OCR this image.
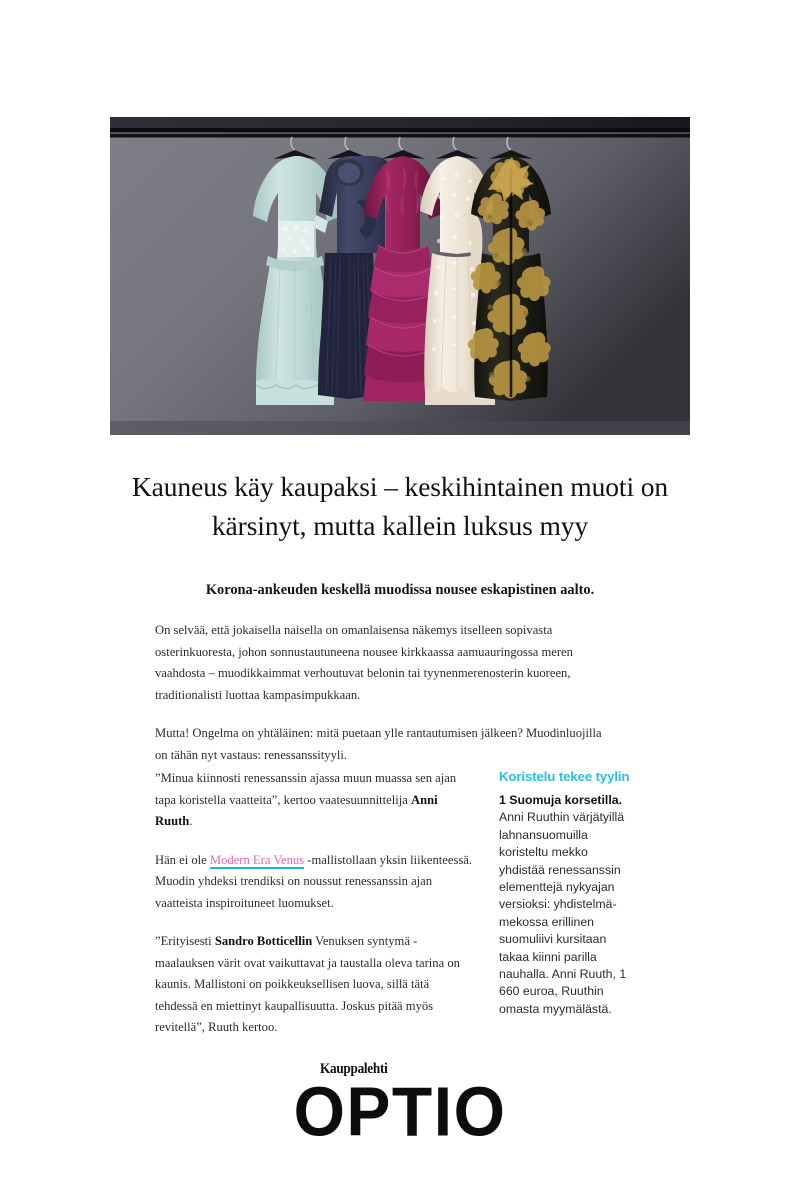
Kauneus käy kaupaksi – keskihintainen muoti on kärsinyt, mutta kallein luksus myy

Korona-ankeuden keskellä muodissa nousee eskapistinen aalto.

On selvää, että jokaisella naisella on omanlaisensa näkemys itselleen sopivasta osterinkuoresta, johon sonnustautuneena nousee kirkkaassa aamuauringossa meren vaahdosta – muodikkaimmat verhoutuvat belonin tai tyynenmerenosterin kuoreen, traditionalisti luottaa kampasimpukkaan.

Mutta! Ongelma on yhtäläinen: mitä puetaan ylle rantautumisen jälkeen? Muodinluojilla on tähän nyt vastaus: renessanssityyli.

Koristelu tekee tyylin

1 Suomuja korsetilla. Anni Ruuthin värjätyillä lahnansuomuilla koristeltu mekko yhdistää renessanssin elementtejä nykyajan versioksi: yhdistelmä-mekossa erillinen suomuliivi kursitaan takaa kiinni parilla nauhalla. Anni Ruuth, 1 660 euroa, Ruuthin omasta myymälästä.

”Minua kiinnosti renessanssin ajassa muun muassa sen ajan tapa koristella vaatteita”, kertoo vaatesuunnittelija Anni Ruuth.

Hän ei ole Modern Era Venus -mallistollaan yksin liikenteessä. Muodin yhdeksi trendiksi on noussut renessanssin ajan vaatteista inspiroituneet luomukset.

”Erityisesti Sandro Botticellin Venuksen syntymä -maalauksen värit ovat vaikuttavat ja taustalla oleva tarina on kaunis. Mallistoni on poikkeuksellisen luova, sillä tätä tehdessä en miettinyt kaupallisuutta. Joskus pitää myös revitellä”, Ruuth kertoo.

Kauppalehti
OPTIO
